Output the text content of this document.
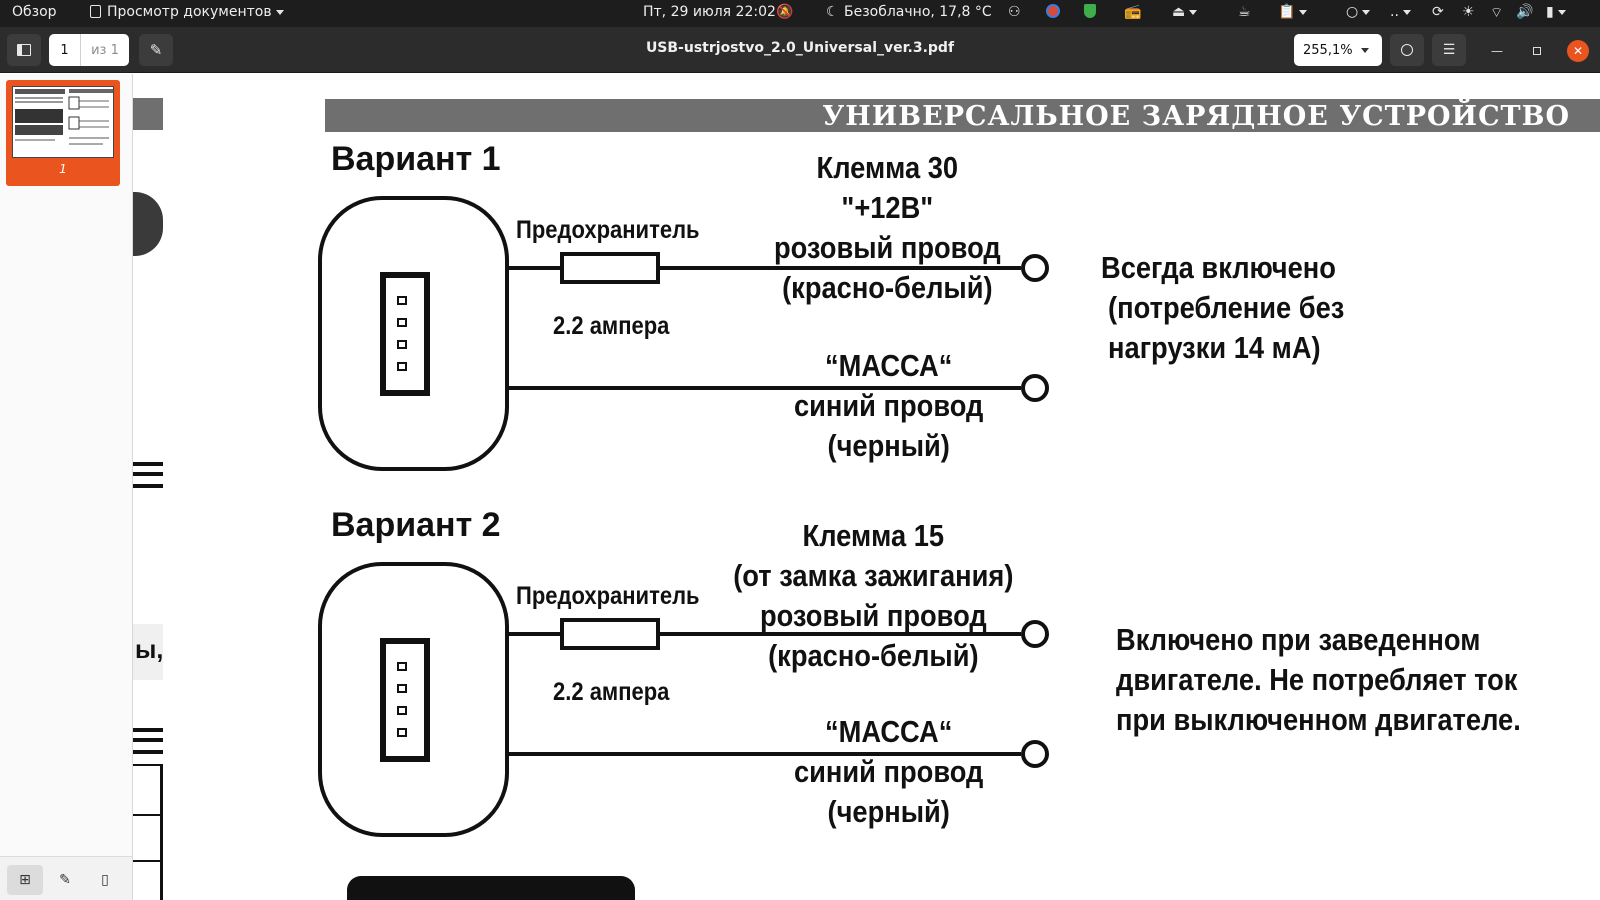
Обзор	Просмотр документов	Пт, 29 июля 22:02 🔕 ☾ Безоблачно, 17,8 °C ⚇	📻 ⏏	☕ 📋	○	..	⟳ ☀ ⌔ 🔊 ▮
1	из 1	✎	USB-ustrjostvo_2.0_Universal_ver.3.pdf	255,1%	☰	—	✕
1
⊞ ✎ ▯
ы,
УНИВЕРСАЛЬНОЕ ЗАРЯДНОЕ УСТРОЙСТВО
Вариант 1
Предохранитель
2.2 ампера
Клемма 30
"+12В"
розовый провод
(красно-белый)
“МАССА“
синий провод
(черный)
Всегда включено
(потребление без
нагрузки 14 мА)
Вариант 2
Предохранитель
2.2 ампера
Клемма 15
(от замка зажигания)
розовый провод
(красно-белый)
“МАССА“
синий провод
(черный)
Включено при заведенном
двигателе. Не потребляет ток
при выключенном двигателе.
